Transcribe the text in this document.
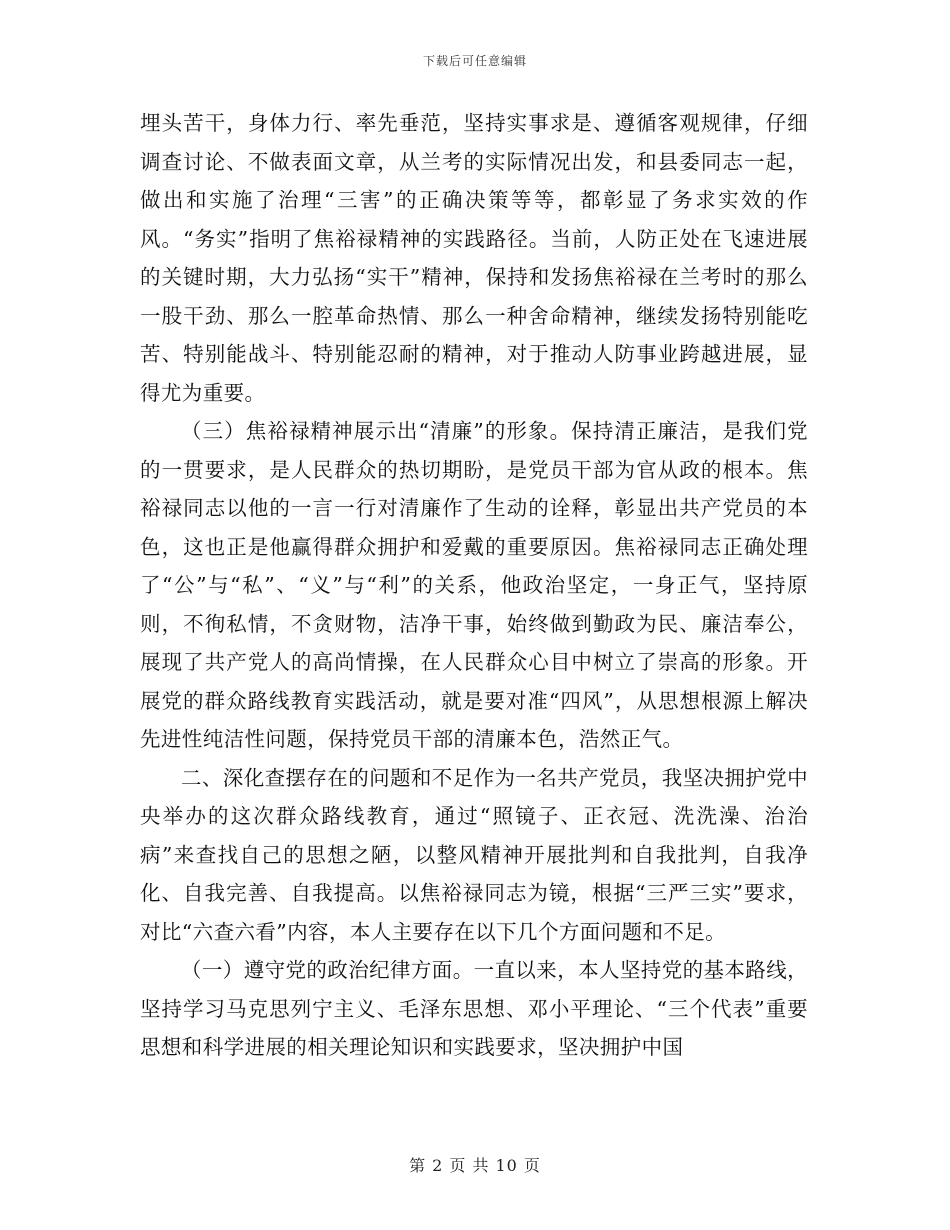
下载后可任意编辑

埋头苦干，身体力行、率先垂范，坚持实事求是、遵循客观规律，仔细调查讨论、不做表面文章，从兰考的实际情况出发，和县委同志一起，做出和实施了治理“三害”的正确决策等等，都彰显了务求实效的作风。“务实”指明了焦裕禄精神的实践路径。当前，人防正处在飞速进展的关键时期，大力弘扬“实干”精神，保持和发扬焦裕禄在兰考时的那么一股干劲、那么一腔革命热情、那么一种舍命精神，继续发扬特别能吃苦、特别能战斗、特别能忍耐的精神，对于推动人防事业跨越进展，显得尤为重要。

（三）焦裕禄精神展示出“清廉”的形象。保持清正廉洁，是我们党的一贯要求，是人民群众的热切期盼，是党员干部为官从政的根本。焦裕禄同志以他的一言一行对清廉作了生动的诠释，彰显出共产党员的本色，这也正是他赢得群众拥护和爱戴的重要原因。焦裕禄同志正确处理了“公”与“私”、“义”与“利”的关系，他政治坚定，一身正气，坚持原则，不徇私情，不贪财物，洁净干事，始终做到勤政为民、廉洁奉公，展现了共产党人的高尚情操，在人民群众心目中树立了崇高的形象。开展党的群众路线教育实践活动，就是要对准“四风”，从思想根源上解决先进性纯洁性问题，保持党员干部的清廉本色，浩然正气。

二、深化查摆存在的问题和不足作为一名共产党员，我坚决拥护党中央举办的这次群众路线教育，通过“照镜子、正衣冠、洗洗澡、治治病”来查找自己的思想之陋，以整风精神开展批判和自我批判，自我净化、自我完善、自我提高。以焦裕禄同志为镜，根据“三严三实”要求，对比“六查六看”内容，本人主要存在以下几个方面问题和不足。

（一）遵守党的政治纪律方面。一直以来，本人坚持党的基本路线，坚持学习马克思列宁主义、毛泽东思想、邓小平理论、“三个代表”重要思想和科学进展的相关理论知识和实践要求，坚决拥护中国

第 2 页 共 10 页
